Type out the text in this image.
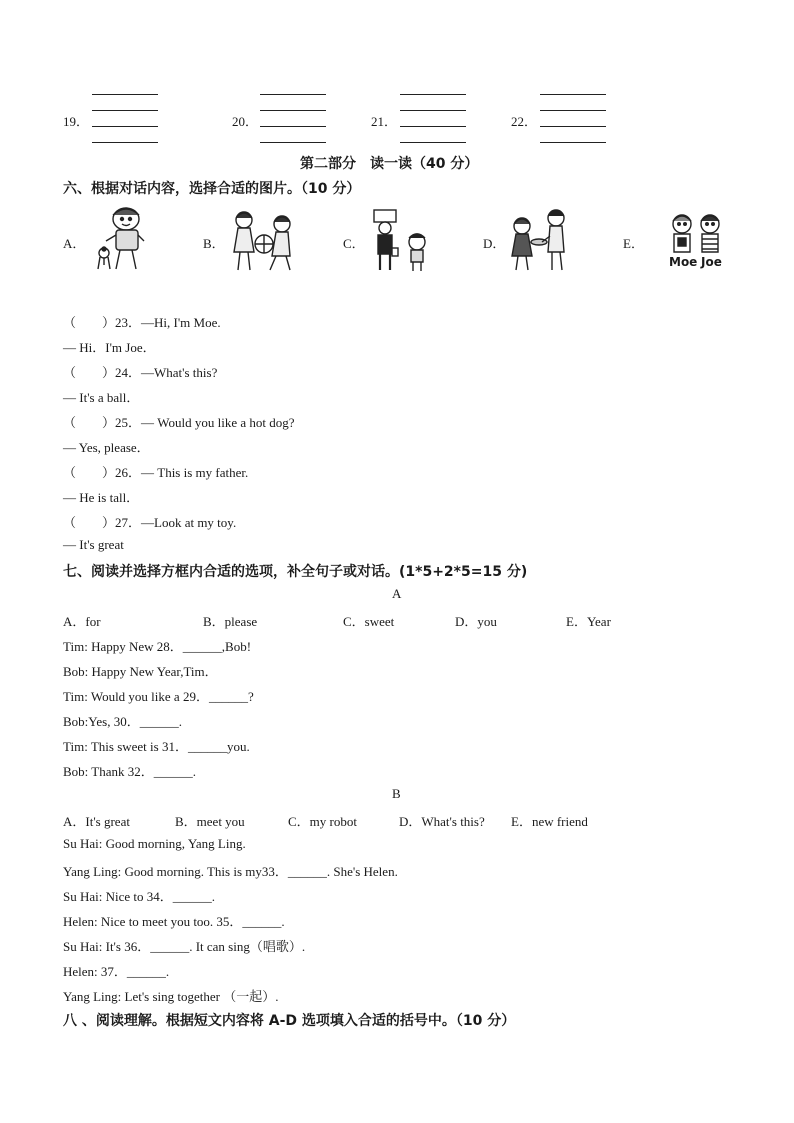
19．	20．	21．	22．
第二部分　读一读（40 分）
六、根据对话内容，选择合适的图片。（10 分）
A．	B．	C．	D．	E．
Moe Joe
（　　）23．—Hi, I'm Moe.
— Hi．I'm Joe．
（　　）24．—What's this?
— It's a ball．
（　　）25．— Would you like a hot dog?
— Yes, please．
（　　）26．— This is my father.
— He is tall．
（　　）27．—Look at my toy.
— It's great
七、阅读并选择方框内合适的选项，补全句子或对话。(1*5+2*5=15 分)
A
A．for	B．please	C．sweet	D．you	E．Year
Tim: Happy New 28．______,Bob!
Bob: Happy New Year,Tim．
Tim: Would you like a 29．______?
Bob:Yes, 30．______.
Tim: This sweet is 31．______you.
Bob: Thank 32．______.
B
A．It's great	B．meet you	C．my robot	D．What's this? E．new friend
Su Hai: Good morning, Yang Ling.
Yang Ling: Good morning. This is my33．______. She's Helen.
Su Hai: Nice to 34．______.
Helen: Nice to meet you too. 35．______.
Su Hai: It's 36．______. It can sing（唱歌）.
Helen: 37．______.
Yang Ling: Let's sing together （一起）.
八 、阅读理解。根据短文内容将 A-D 选项填入合适的括号中。（10 分）
